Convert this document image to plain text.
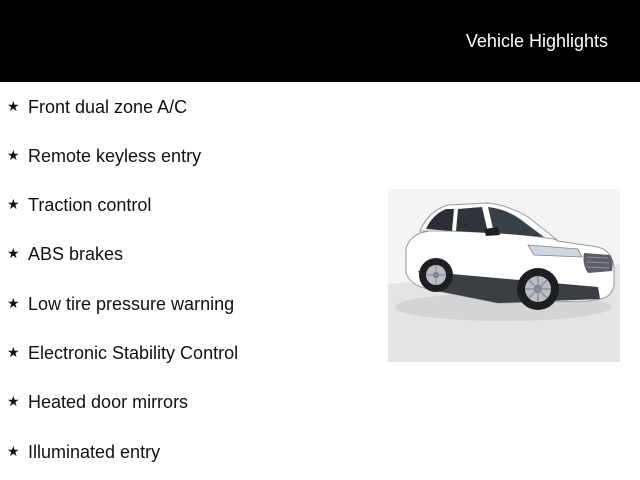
Vehicle Highlights
★ Front dual zone A/C
★ Remote keyless entry
★ Traction control
★ ABS brakes
★ Low tire pressure warning
★ Electronic Stability Control
★ Heated door mirrors
★ Illuminated entry
